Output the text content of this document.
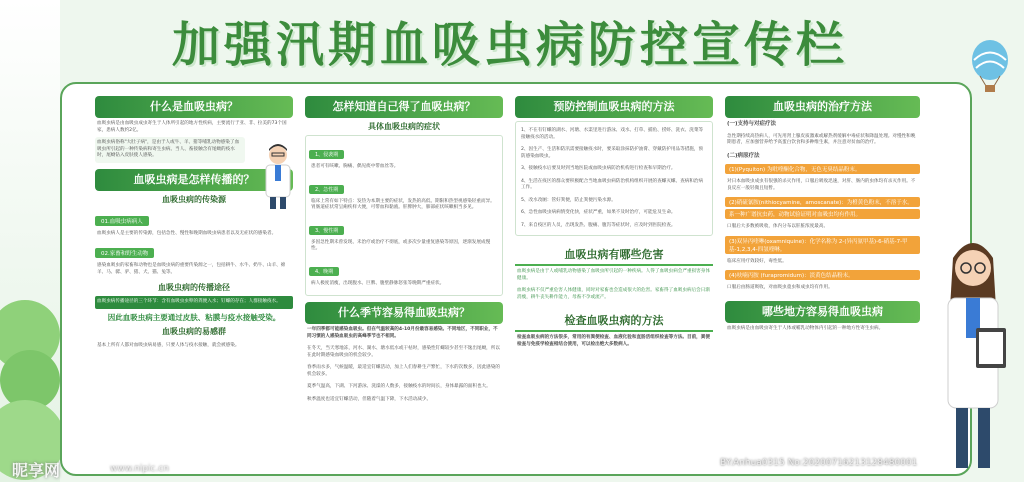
加强汛期血吸虫病防控宣传栏
什么是血吸虫病？
血吸虫病是由血吸虫成虫寄生于人体所引起的地方性疾病，主要流行于亚、非、拉美的73个国家，患病人数约2亿。
血吸虫病俗称"大肚子病"，是由于人或牛、羊、猪等哺乳动物感染了血吸虫所引起的一种传染病和寄生虫病。当人、畜接触含有尾蚴的疫水时，尾蚴钻入皮肤使人感染。
血吸虫病是怎样传播的？
血吸虫病的传染源
01.血吸虫病病人
血吸虫病人是主要的传染源，包括急性、慢性和晚期血吸虫病患者以及无症状的感染者。
02.家畜和野生动物
感染血吸虫的家畜和动物也是血吸虫病的重要传染源之一，包括耕牛、水牛、奶牛、山羊、绵羊、马、骡、驴、猪、犬、猫、兔等。
血吸虫病的传播途径
血吸虫病传播途径的三个环节：含有血吸虫虫卵的粪便入水；钉螺的存在；人群接触疫水。
因此血吸虫病主要通过皮肤、粘膜与疫水接触受染。
血吸虫病的易感群
基本上所有人都对血吸虫病易感，只要人体与疫水接触，就会被感染。
怎样知道自己得了血吸虫病？
具体血吸虫病的症状
1、侵袭期
患者可有咳嗽、胸痛、偶见痰中带血丝等。
2、急性期
临床上常有如下特点：发热为本期主要的症状，发热的高低、期限和热型视感染轻重而异。胃肠道症状常呈痢疾样大便，可带血和黏液。肝脾肿大，肺部症状咳嗽相当多见。
3、慢性期
多因急性期未曾发现、未治疗或治疗不彻底，或多次少量重复感染等原因，逐渐发展成慢性。
4、晚期
病人极度消瘦，出现腹水、巨脾、腹壁静脉怒张等晚期严重症状。
什么季节容易得血吸虫病？
一年四季都可能感染血吸虫。但在气温较高的4-10月份最容易感染。不同地区，不同职业，不同习惯的人感染血吸虫的高峰季节也不相同。
在冬天，当天寒地冻，河水、湖水、塘水低水或干枯时，感染性钉螺较少甚至不逸出尾蚴，所以在此时期感染血吸虫的机会较少。
春季雨水多，气候温暖，最适宜钉螺活动，加上人们春耕生产繁忙，下水的次数多，因此感染的机会较多。
夏季气温高，下湖、下河游泳、洗澡的人数多，接触疫水的时间长，身体暴露的面积也大。
秋季温度也适宜钉螺活动，但随着气温下降，下水活动减少。
预防控制血吸虫病的方法
1、不在有钉螺的湖水、河塘、水渠里进行游泳、戏水、打草、捕鱼、捞虾、洗衣、洗菜等接触疫水的活动。
2、因生产、生活和防汛需要接触疫水时，要采取涂抹防护油膏、穿戴防护用品等措施，预防感染血吸虫。
3、接触疫水后要及时到当地医院或血吸虫病防治机构进行检查和早期治疗。
4、生活在疫区的群众要积极配合当地血吸虫病防治机构组织开展的查螺灭螺、查病和治病工作。
5、改水改厕：管好粪便，防止粪便污染水源。
6、急性血吸虫病病情变化快，症状严重，如果不及时治疗，可能危及生命。
7、来自疫区的人员，出现发热、腹痛、腹泻等症状时，应及时到医院检查。
血吸虫病有哪些危害
血吸虫病是由于人或哺乳动物感染了血吸虫所引起的一种疾病。人得了血吸虫病会严重损害身体健康。
血吸虫病不仅严重危害人体健康，同时对家畜也会造成很大的危害。家畜得了血吸虫病后会日渐消瘦，耕牛丧失耕作能力，母畜不孕或流产。
检查血吸虫病的方法
检查血吸虫病的方法很多，常用的有粪便检查、血液化验和直肠活组织检查等方法。目前，粪便检查与免疫学检查相结合使用，可以检出绝大多数病人。
血吸虫病的治疗方法
(一)支持与对症疗法
急性期持续高热病人，可先用肾上腺皮质激素或解热剂缓解中毒症状和降温处理。对慢性和晚期患者，应加强营养给予高蛋白饮食和多种维生素，并注意对贫血的治疗。
(二)病原疗法
(1)(Pyquiton) 为吡喹酮化合物，无色无臭结晶粉末。
对日本血吸虫成虫有很强的杀灭作用，口服后吸收迅速，对肝、肠内的虫体均有杀灭作用。不良反应一般轻微且短暂。
(2)硝硫氰胺(nithiocyamine，amoscanate)：为橙黄色粉末，不溶于水。
系一种广谱抗虫药，动物试验证明对血吸虫均有作用。
口服后大多数被吸收，体内分布以肝脏浓度最高。
(3)双异丙喹啉(oxamniquine)：化学名称为 2-(异丙氨甲基)-6-硝基-7-甲基-1,2,3,4-四氢喹啉。
临床应用疗效较好，毒性低。
(4)呋喃丙胺 (furapromidum)：淡黄色结晶粉末。
口服后由肠道吸收，对血吸虫童虫和成虫均有作用。
哪些地方容易得血吸虫病
血吸虫病是由血吸虫寄生于人体或哺乳动物体内引起的一种地方性寄生虫病。
昵享网	www.nipic.cn
BY:Anhua0315 No:20200716213128480001
